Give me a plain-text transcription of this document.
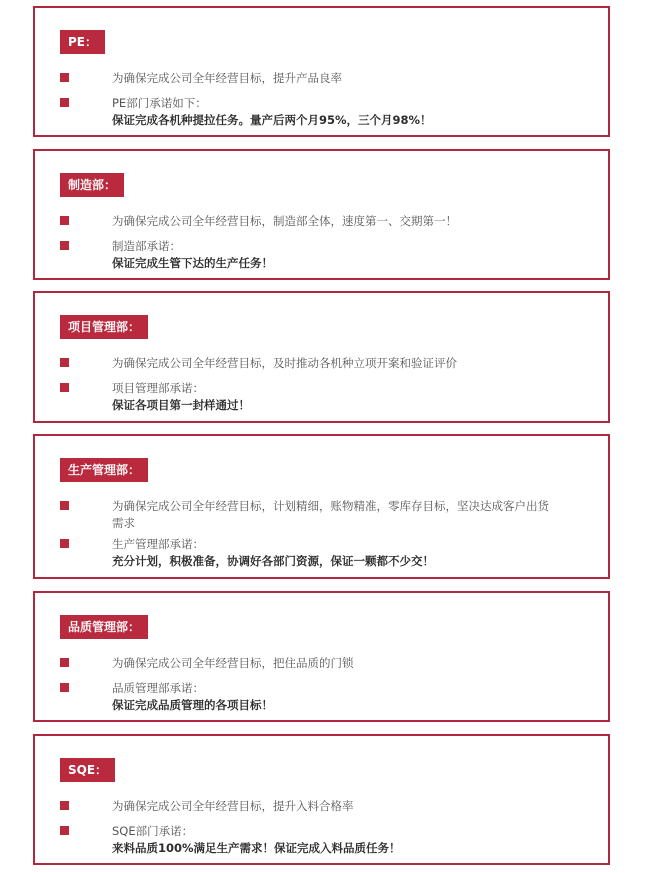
PE：
为确保完成公司全年经营目标，提升产品良率
PE部门承诺如下：
保证完成各机种提拉任务。量产后两个月95%，三个月98%！
制造部：
为确保完成公司全年经营目标，制造部全体，速度第一、交期第一！
制造部承诺：
保证完成生管下达的生产任务！
项目管理部：
为确保完成公司全年经营目标，及时推动各机种立项开案和验证评价
项目管理部承诺：
保证各项目第一封样通过！
生产管理部：
为确保完成公司全年经营目标，计划精细，账物精准，零库存目标，坚决达成客户出货
需求
生产管理部承诺：
充分计划，积极准备，协调好各部门资源，保证一颗都不少交！
品质管理部：
为确保完成公司全年经营目标，把住品质的门锁
品质管理部承诺：
保证完成品质管理的各项目标！
SQE：
为确保完成公司全年经营目标，提升入料合格率
SQE部门承诺：
来料品质100%满足生产需求！保证完成入料品质任务！
